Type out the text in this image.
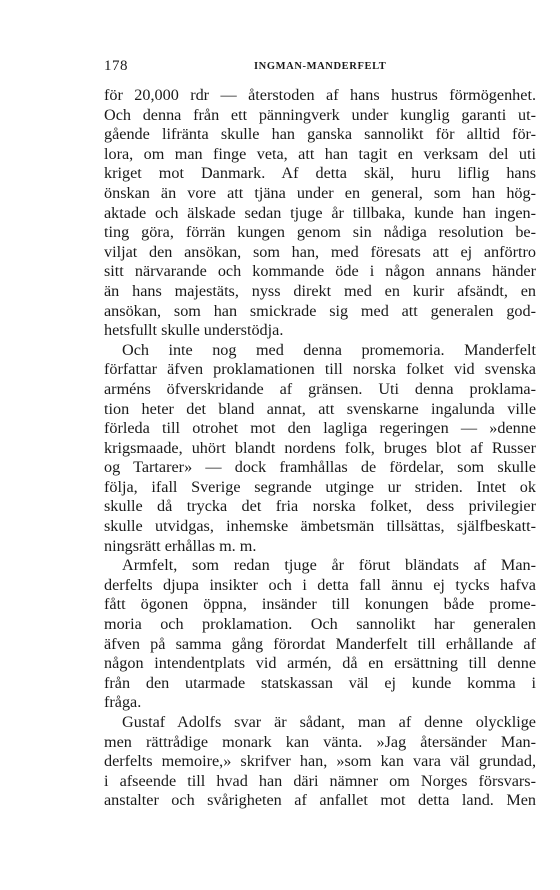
178	INGMAN-MANDERFELT
för 20,000 rdr — återstoden af hans hustrus förmögenhet.
Och denna från ett pänningverk under kunglig garanti ut-
gående lifränta skulle han ganska sannolikt för alltid för-
lora, om man finge veta, att han tagit en verksam del uti
kriget mot Danmark. Af detta skäl, huru liflig hans
önskan än vore att tjäna under en general, som han hög-
aktade och älskade sedan tjuge år tillbaka, kunde han ingen-
ting göra, förrän kungen genom sin nådiga resolution be-
viljat den ansökan, som han, med föresats att ej anförtro
sitt närvarande och kommande öde i någon annans händer
än hans majestäts, nyss direkt med en kurir afsändt, en
ansökan, som han smickrade sig med att generalen god-
hetsfullt skulle understödja.
Och inte nog med denna promemoria. Manderfelt
författar äfven proklamationen till norska folket vid svenska
arméns öfverskridande af gränsen. Uti denna proklama-
tion heter det bland annat, att svenskarne ingalunda ville
förleda till otrohet mot den lagliga regeringen — »denne
krigsmaade, uhört blandt nordens folk, bruges blot af Russer
og Tartarer» — dock framhållas de fördelar, som skulle
följa, ifall Sverige segrande utginge ur striden. Intet ok
skulle då trycka det fria norska folket, dess privilegier
skulle utvidgas, inhemske ämbetsmän tillsättas, själfbeskatt-
ningsrätt erhållas m. m.
Armfelt, som redan tjuge år förut bländats af Man-
derfelts djupa insikter och i detta fall ännu ej tycks hafva
fått ögonen öppna, insänder till konungen både prome-
moria och proklamation. Och sannolikt har generalen
äfven på samma gång förordat Manderfelt till erhållande af
någon intendentplats vid armén, då en ersättning till denne
från den utarmade statskassan väl ej kunde komma i
fråga.
Gustaf Adolfs svar är sådant, man af denne olycklige
men rättrådige monark kan vänta. »Jag återsänder Man-
derfelts memoire,» skrifver han, »som kan vara väl grundad,
i afseende till hvad han däri nämner om Norges försvars-
anstalter och svårigheten af anfallet mot detta land. Men
